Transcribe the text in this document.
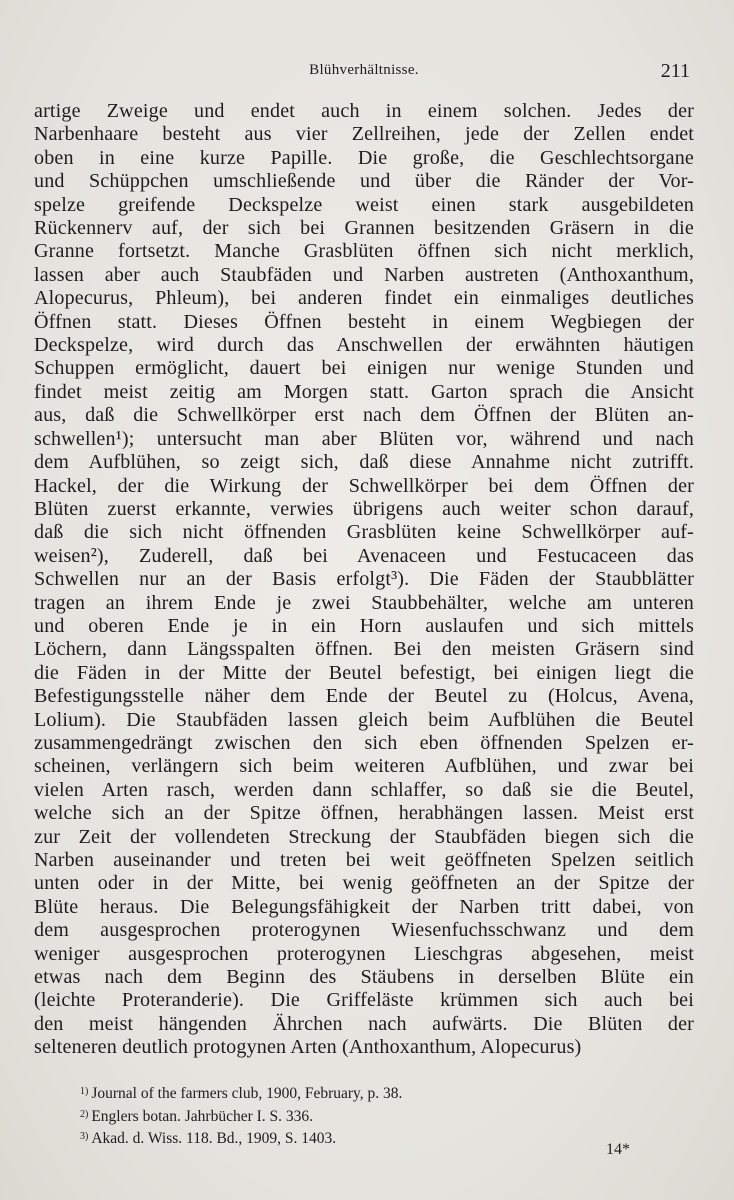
Blühverhältnisse.	211
artige Zweige und endet auch in einem solchen. Jedes der
Narbenhaare besteht aus vier Zellreihen, jede der Zellen endet
oben in eine kurze Papille. Die große, die Geschlechtsorgane
und Schüppchen umschließende und über die Ränder der Vor-
spelze greifende Deckspelze weist einen stark ausgebildeten
Rückennerv auf, der sich bei Grannen besitzenden Gräsern in die
Granne fortsetzt. Manche Grasblüten öffnen sich nicht merklich,
lassen aber auch Staubfäden und Narben austreten (Anthoxanthum,
Alopecurus, Phleum), bei anderen findet ein einmaliges deutliches
Öffnen statt. Dieses Öffnen besteht in einem Wegbiegen der
Deckspelze, wird durch das Anschwellen der erwähnten häutigen
Schuppen ermöglicht, dauert bei einigen nur wenige Stunden und
findet meist zeitig am Morgen statt. Garton sprach die Ansicht
aus, daß die Schwellkörper erst nach dem Öffnen der Blüten an-
schwellen¹); untersucht man aber Blüten vor, während und nach
dem Aufblühen, so zeigt sich, daß diese Annahme nicht zutrifft.
Hackel, der die Wirkung der Schwellkörper bei dem Öffnen der
Blüten zuerst erkannte, verwies übrigens auch weiter schon darauf,
daß die sich nicht öffnenden Grasblüten keine Schwellkörper auf-
weisen²), Zuderell, daß bei Avenaceen und Festucaceen das
Schwellen nur an der Basis erfolgt³). Die Fäden der Staubblätter
tragen an ihrem Ende je zwei Staubbehälter, welche am unteren
und oberen Ende je in ein Horn auslaufen und sich mittels
Löchern, dann Längsspalten öffnen. Bei den meisten Gräsern sind
die Fäden in der Mitte der Beutel befestigt, bei einigen liegt die
Befestigungsstelle näher dem Ende der Beutel zu (Holcus, Avena,
Lolium). Die Staubfäden lassen gleich beim Aufblühen die Beutel
zusammengedrängt zwischen den sich eben öffnenden Spelzen er-
scheinen, verlängern sich beim weiteren Aufblühen, und zwar bei
vielen Arten rasch, werden dann schlaffer, so daß sie die Beutel,
welche sich an der Spitze öffnen, herabhängen lassen. Meist erst
zur Zeit der vollendeten Streckung der Staubfäden biegen sich die
Narben auseinander und treten bei weit geöffneten Spelzen seitlich
unten oder in der Mitte, bei wenig geöffneten an der Spitze der
Blüte heraus. Die Belegungsfähigkeit der Narben tritt dabei, von
dem ausgesprochen proterogynen Wiesenfuchsschwanz und dem
weniger ausgesprochen proterogynen Lieschgras abgesehen, meist
etwas nach dem Beginn des Stäubens in derselben Blüte ein
(leichte Proteranderie). Die Griffeläste krümmen sich auch bei
den meist hängenden Ährchen nach aufwärts. Die Blüten der
selteneren deutlich protogynen Arten (Anthoxanthum, Alopecurus)
$^{1)}$ Journal of the farmers club, 1900, February, p. 38.
$^{2)}$ Englers botan. Jahrbücher I. S. 336.
$^{3)}$ Akad. d. Wiss. 118. Bd., 1909, S. 1403.
14*
